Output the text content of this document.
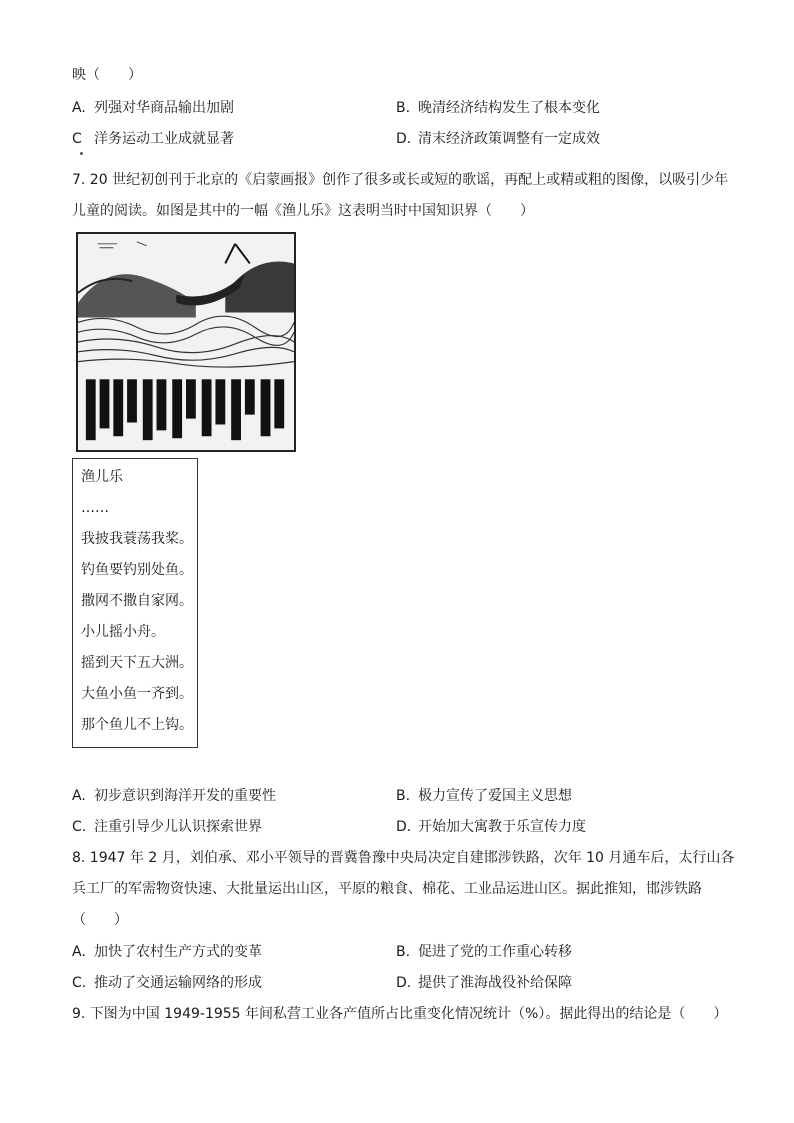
映（　　）
A. 列强对华商品输出加剧	B. 晚清经济结构发生了根本变化
C 洋务运动工业成就显著	D. 清末经济政策调整有一定成效
7. 20 世纪初创刊于北京的《启蒙画报》创作了很多或长或短的歌谣，再配上或精或粗的图像，以吸引少年
儿童的阅读。如图是其中的一幅《渔儿乐》这表明当时中国知识界（　　）
渔儿乐
……
我披我蓑荡我桨。
钓鱼要钓别处鱼。
撒网不撒自家网。
小儿摇小舟。
摇到天下五大洲。
大鱼小鱼一齐到。
那个鱼儿不上钩。
A. 初步意识到海洋开发的重要性	B. 极力宣传了爱国主义思想
C. 注重引导少儿认识探索世界	D. 开始加大寓教于乐宣传力度
8. 1947 年 2 月，刘伯承、邓小平领导的晋冀鲁豫中央局决定自建邯涉铁路，次年 10 月通车后，太行山各
兵工厂的军需物资快速、大批量运出山区，平原的粮食、棉花、工业品运进山区。据此推知，邯涉铁路
（　　）
A. 加快了农村生产方式的变革	B. 促进了党的工作重心转移
C. 推动了交通运输网络的形成	D. 提供了淮海战役补给保障
9. 下图为中国 1949-1955 年间私营工业各产值所占比重变化情况统计（%）。据此得出的结论是（　　）
